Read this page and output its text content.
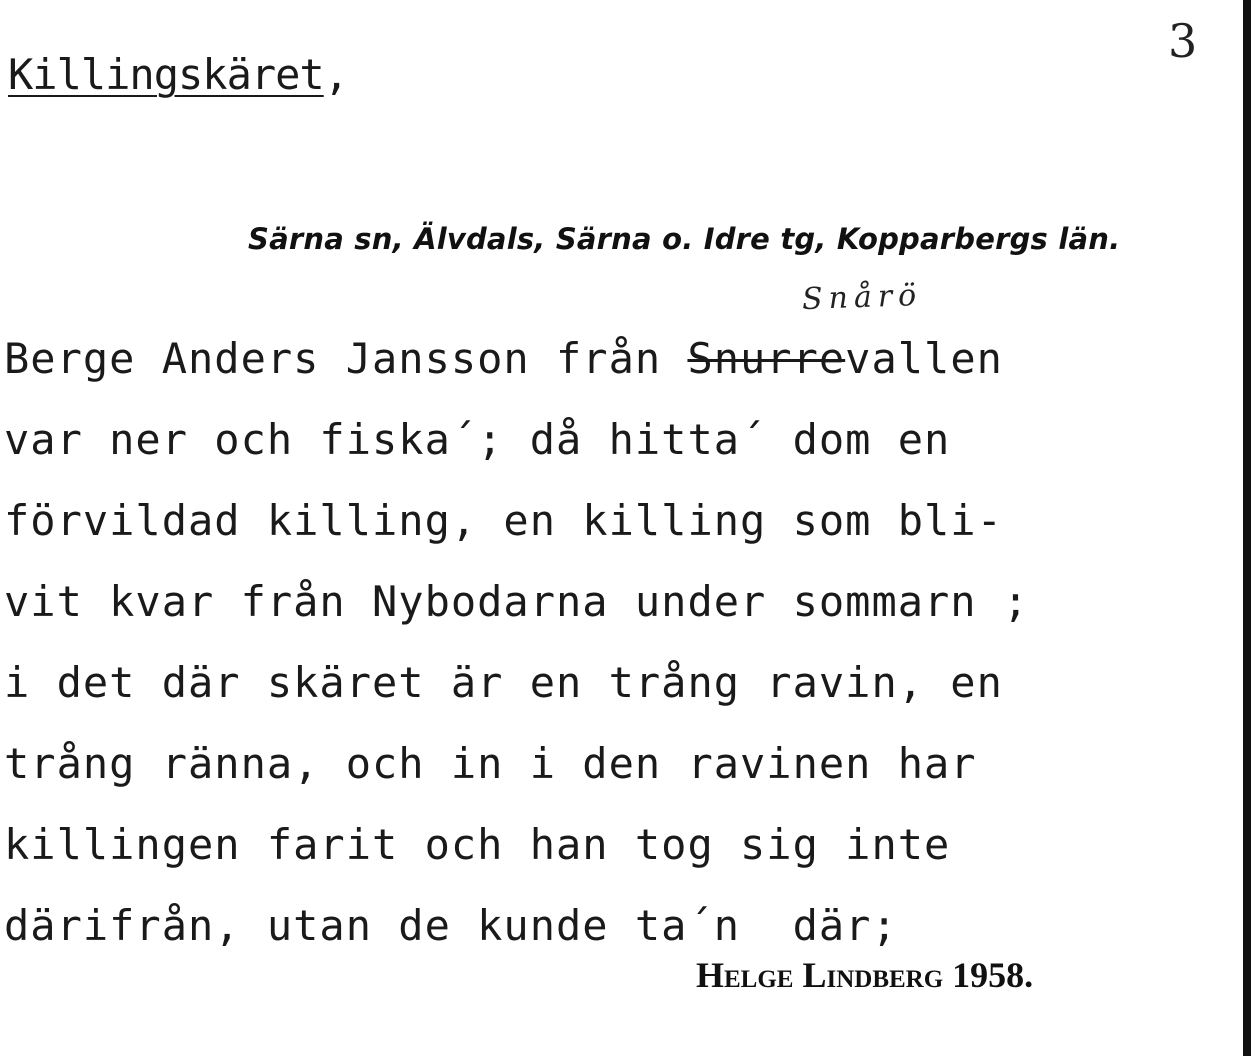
3
Killingskäret,
Särna sn, Älvdals, Särna o. Idre tg, Kopparbergs län.
Snårö
Berge Anders Jansson från Snurrevallen
var ner och fiska´; då hitta´ dom en
förvildad killing, en killing som bli-
vit kvar från Nybodarna under sommarn ;
i det där skäret är en trång ravin, en
trång ränna, och in i den ravinen har
killingen farit och han tog sig inte
därifrån, utan de kunde ta´n  där;
Helge Lindberg 1958.
